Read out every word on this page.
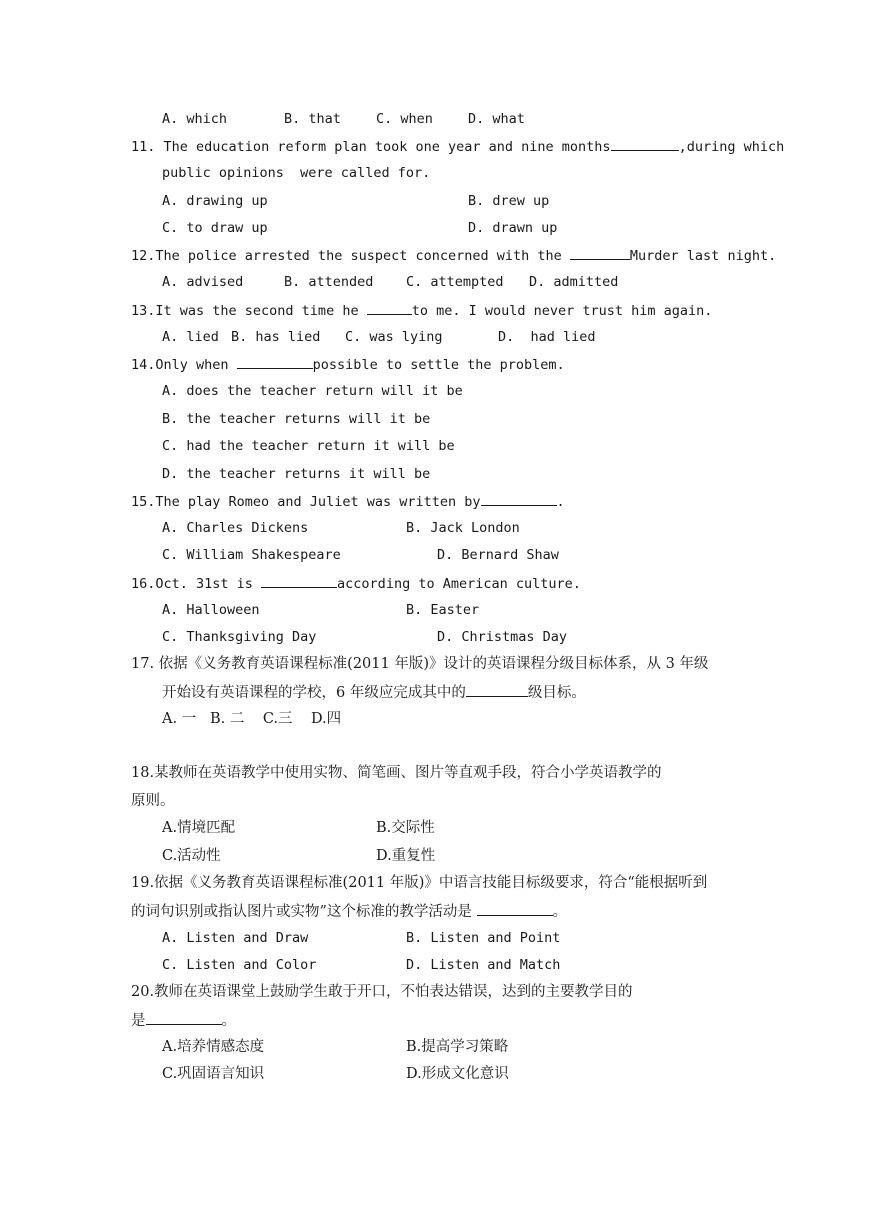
A. which	B. that	C. when	D. what
11. The education reform plan took one year and nine months	,during which
public opinions  were called for.
A. drawing up	B. drew up
C. to draw up	D. drawn up
12.The police arrested the suspect concerned with the	Murder last night.
A. advised	B. attended C. attempted D. admitted
13.It was the second time he	to me. I would never trust him again.
A. lied B. has lied C. was lying	D.  had lied
14.Only when	possible to settle the problem.
A. does the teacher return will it be
B. the teacher returns will it be
C. had the teacher return it will be
D. the teacher returns it will be
15.The play Romeo and Juliet was written by	.
A. Charles Dickens	B. Jack London
C. William Shakespeare	D. Bernard Shaw
16.Oct. 31st is	according to American culture.
A. Halloween	B. Easter
C. Thanksgiving Day	D. Christmas Day
17. 依据《义务教育英语课程标准(2011 年版)》设计的英语课程分级目标体系，从 3 年级
开始设有英语课程的学校，6 年级应完成其中的	级目标。
A. 一   B. 二    C.三    D.四
18.某教师在英语教学中使用实物、简笔画、图片等直观手段，符合小学英语教学的
原则。
A.情境匹配	B.交际性
C.活动性	D.重复性
19.依据《义务教育英语课程标准(2011 年版)》中语言技能目标级要求，符合“能根据听到
的词句识别或指认图片或实物”这个标准的教学活动是	。
A. Listen and Draw	B. Listen and Point
C. Listen and Color	D. Listen and Match
20.教师在英语课堂上鼓励学生敢于开口，不怕表达错误，达到的主要教学目的
是	。
A.培养情感态度	B.提高学习策略
C.巩固语言知识	D.形成文化意识
